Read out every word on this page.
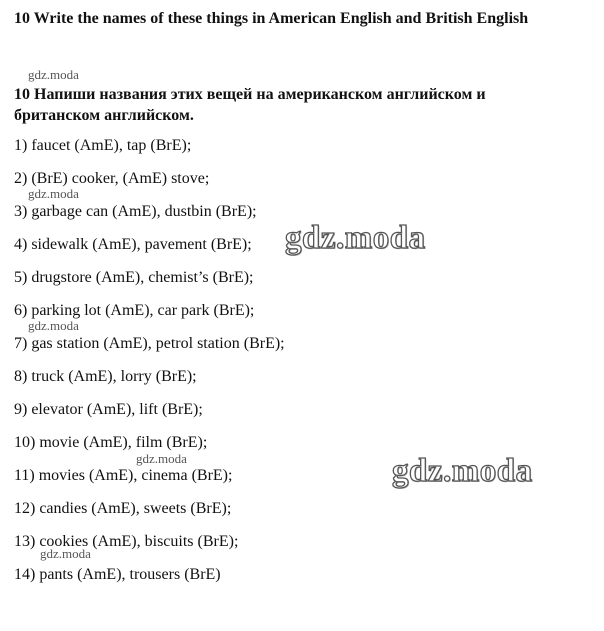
10 Write the names of these things in American English and British English
gdz.moda
10 Напиши названия этих вещей на американском английском и британском английском.

1) faucet (AmE), tap (BrE);

2) (BrE) cooker, (AmE) stove;

gdz.moda

3) garbage can (AmE), dustbin (BrE);

4) sidewalk (AmE), pavement (BrE); gdz.moda

5) drugstore (AmE), chemist’s (BrE);

6) parking lot (AmE), car park (BrE);

gdz.moda

7) gas station (AmE), petrol station (BrE);

8) truck (AmE), lorry (BrE);

9) elevator (AmE), lift (BrE);

10) movie (AmE), film (BrE);

gdz.moda

11) movies (AmE), cinema (BrE);	gdz.moda

12) candies (AmE), sweets (BrE);

13) cookies (AmE), biscuits (BrE);

gdz.moda

14) pants (AmE), trousers (BrE)
